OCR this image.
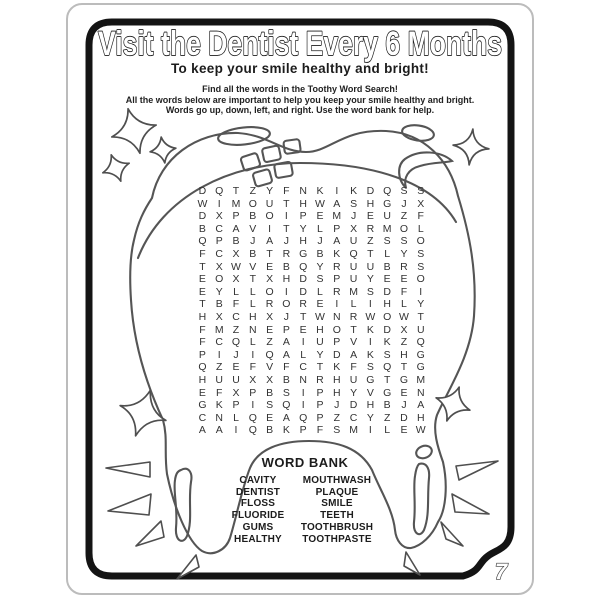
Visit the Dentist Every 6 Months
7
To keep your smile healthy and bright!
Find all the words in the Toothy Word Search!
All the words below are important to help you keep your smile healthy and bright.
Words go up, down, left, and right. Use the word bank for help.
D Q T Z Y F N K	I	K D Q S S
W I	M O U T H W A S H G J	X
D X P B O	I	P E M J	E U Z F
B C A V	I	T Y L P X R M O L
Q P B	J	A	J H J	A U Z S S O
F C X B T R G B K Q T	L Y S
T X W V E B Q Y R U U B R S
E O X T X H D S P U Y E E O
E Y L	L O	I	D L R M S D F	I
T B F	L R O R E	I	L	I	H L Y
H X C H X	J	T W N R W O W T
F M Z N E P E H O T K D X U
F C Q L	Z A	I	U P V	I	K Z Q
P	I	J	I	Q A L Y D A K S H G
Q Z E F V F C T K F S Q T G
H U U X X B N R H U G T G M
E F X P B S	I	P H Y V G E N
G K P	I	S Q	I	P	J D H B	J	A
C N L Q E A Q P Z C Y Z D H
A A	I	Q B K P F S M	I	L E W
WORD BANK
CAVITY
DENTIST
FLOSS
FLUORIDE
GUMS
HEALTHY
MOUTHWASH
PLAQUE
SMILE
TEETH
TOOTHBRUSH
TOOTHPASTE
